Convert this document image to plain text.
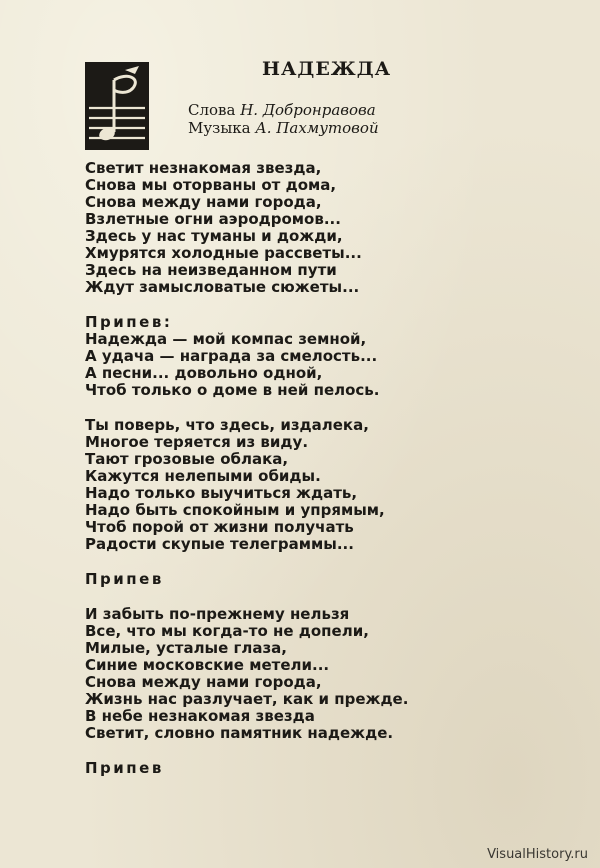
НАДЕЖДА
Слова Н. Добронравова
Музыка А. Пахмутовой
Светит незнакомая звезда,
Снова мы оторваны от дома,
Снова между нами города,
Взлетные огни аэродромов...
Здесь у нас туманы и дожди,
Хмурятся холодные рассветы...
Здесь на неизведанном пути
Ждут замысловатые сюжеты...
Припев:
Надежда — мой компас земной,
А удача — награда за смелость...
А песни... довольно одной,
Чтоб только о доме в ней пелось.
Ты поверь, что здесь, издалека,
Многое теряется из виду.
Тают грозовые облака,
Кажутся нелепыми обиды.
Надо только выучиться ждать,
Надо быть спокойным и упрямым,
Чтоб порой от жизни получать
Радости скупые телеграммы...
Припев
И забыть по-прежнему нельзя
Все, что мы когда-то не допели,
Милые, усталые глаза,
Синие московские метели...
Снова между нами города,
Жизнь нас разлучает, как и прежде.
В небе незнакомая звезда
Светит, словно памятник надежде.
Припев
VisualHistory.ru
